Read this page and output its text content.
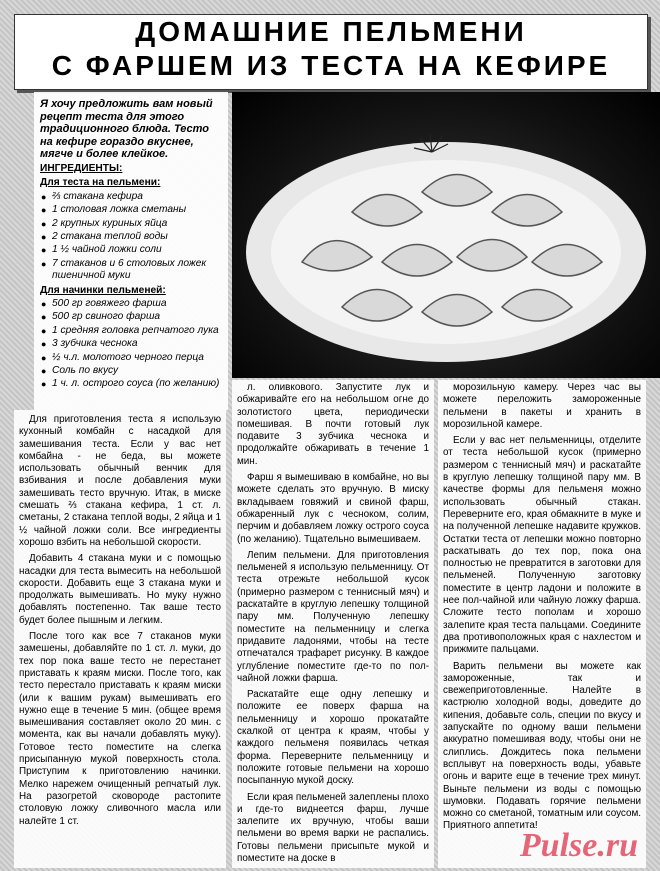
ДОМАШНИЕ ПЕЛЬМЕНИ
С ФАРШЕМ ИЗ ТЕСТА НА КЕФИРЕ

Я хочу предложить вам новый рецепт теста для этого традиционного блюда. Тесто на кефире гораздо вкуснее, мягче и более клейкое.

ИНГРЕДИЕНТЫ:
Для теста на пельмени:
● ⅔ стакана кефира
● 1 столовая ложка сметаны
● 2 крупных куриных яйца
● 2 стакана теплой воды
● 1 ½ чайной ложки соли
● 7 стаканов и 6 столовых ложек пшеничной муки
Для начинки пельменей:
● 500 гр говяжего фарша
● 500 гр свиного фарша
● 1 средняя головка репчатого лука
● 3 зубчика чеснока
● ½ ч.л. молотого черного перца
● Соль по вкусу
● 1 ч. л. острого соуса (по желанию)

Для приготовления теста я использую кухонный комбайн с насадкой для замешивания теста. Если у вас нет комбайна - не беда, вы можете использовать обычный венчик для взбивания и после добавления муки замешивать тесто вручную. Итак, в миске смешать ⅔ стакана кефира, 1 ст. л. сметаны, 2 стакана теплой воды, 2 яйца и 1 ½ чайной ложки соли. Все ингредиенты хорошо взбить на небольшой скорости.

Добавить 4 стакана муки и с помощью насадки для теста вымесить на небольшой скорости. Добавить еще 3 стакана муки и продолжать вымешивать. Но муку нужно добавлять постепенно. Так ваше тесто будет более пышным и легким.

После того как все 7 стаканов муки замешены, добавляйте по 1 ст. л. муки, до тех пор пока ваше тесто не перестанет приставать к краям миски. После того, как тесто перестало приставать к краям миски (или к вашим рукам) вымешивать его нужно еще в течение 5 мин. (общее время вымешивания составляет около 20 мин. с момента, как вы начали добавлять муку). Готовое тесто поместите на слегка присыпанную мукой поверхность стола. Приступим к приготовлению начинки. Мелко нарежем очищенный репчатый лук. На разогретой сковороде растопите столовую ложку сливочного масла или налейте 1 ст.

л. оливкового. Запустите лук и обжаривайте его на небольшом огне до золотистого цвета, периодически помешивая. В почти готовый лук подавите 3 зубчика чеснока и продолжайте обжаривать в течение 1 мин.

Фарш я вымешиваю в комбайне, но вы можете сделать это вручную. В миску вкладываем говяжий и свиной фарш, обжаренный лук с чесноком, солим, перчим и добавляем ложку острого соуса (по желанию). Тщательно вымешиваем.

Лепим пельмени. Для приготовления пельменей я использую пельменницу. От теста отрежьте небольшой кусок (примерно размером с теннисный мяч) и раскатайте в круглую лепешку толщиной пару мм. Полученную лепешку поместите на пельменницу и слегка придавите ладонями, чтобы на тесте отпечатался трафарет рисунку. В каждое углубление поместите где-то по пол-чайной ложки фарша.

Раскатайте еще одну лепешку и положите ее поверх фарша на пельменницу и хорошо прокатайте скалкой от центра к краям, чтобы у каждого пельменя появилась четкая форма. Переверните пельменницу и положите готовые пельмени на хорошо посыпанную мукой доску.

Если края пельменей залеплены плохо и где-то виднеется фарш, лучше залепите их вручную, чтобы ваши пельмени во время варки не распались. Готовы пельмени присыпьте мукой и поместите на доске в

морозильную камеру. Через час вы можете переложить замороженные пельмени в пакеты и хранить в морозильной камере.

Если у вас нет пельменницы, отделите от теста небольшой кусок (примерно размером с теннисный мяч) и раскатайте в круглую лепешку толщиной пару мм. В качестве формы для пельменя можно использовать обычный стакан. Переверните его, края обмакните в муке и на полученной лепешке надавите кружков. Остатки теста от лепешки можно повторно раскатывать до тех пор, пока она полностью не превратится в заготовки для пельменей. Полученную заготовку поместите в центр ладони и положите в нее пол-чайной или чайную ложку фарша. Сложите тесто пополам и хорошо залепите края теста пальцами. Соедините два противоположных края с нахлестом и прижмите пальцами.

Варить пельмени вы можете как замороженные, так и свежеприготовленные. Налейте в кастрюлю холодной воды, доведите до кипения, добавьте соль, специи по вкусу и запускайте по одному ваши пельмени аккуратно помешивая воду, чтобы они не слиплись. Дождитесь пока пельмени всплывут на поверхность воды, убавьте огонь и варите еще в течение трех минут. Выньте пельмени из воды с помощью шумовки. Подавать горячие пельмени можно со сметаной, томатным или соусом. Приятного аппетита!

Pulse.ru
